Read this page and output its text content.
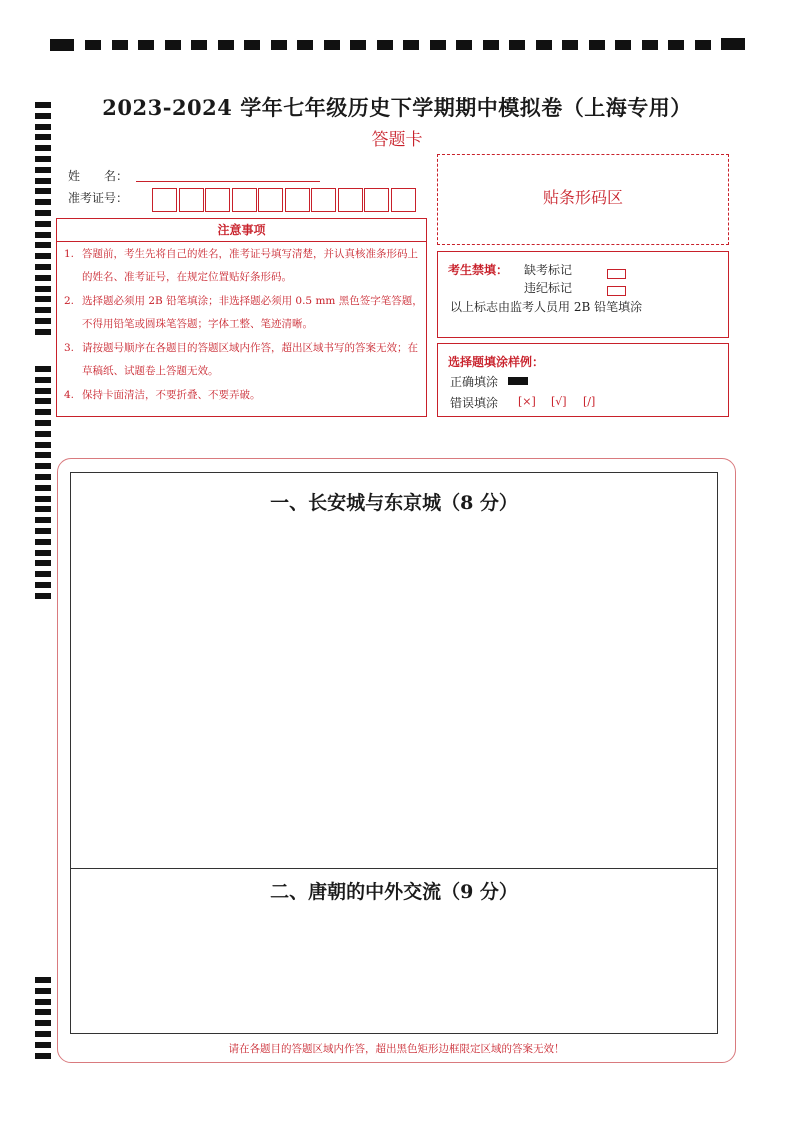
2023-2024 学年七年级历史下学期期中模拟卷（上海专用）
答题卡
姓　　名：
准考证号：
注意事项
1. 答题前，考生先将自己的姓名，准考证号填写清楚，并认真核准条形码上的姓名、准考证号，在规定位置贴好条形码。
2. 选择题必须用 2B 铅笔填涂；非选择题必须用 0.5 mm 黑色签字笔答题，不得用铅笔或圆珠笔答题；字体工整、笔迹清晰。
3. 请按题号顺序在各题目的答题区域内作答，超出区域书写的答案无效；在草稿纸、试题卷上答题无效。
4. 保持卡面清洁，不要折叠、不要弄破。
贴条形码区
考生禁填： 缺考标记
违纪标记
以上标志由监考人员用 2B 铅笔填涂
选择题填涂样例：
正确填涂
错误填涂 [×] [√] [/]
一、长安城与东京城（8 分）
二、唐朝的中外交流（9 分）
请在各题目的答题区域内作答，超出黑色矩形边框限定区域的答案无效！
